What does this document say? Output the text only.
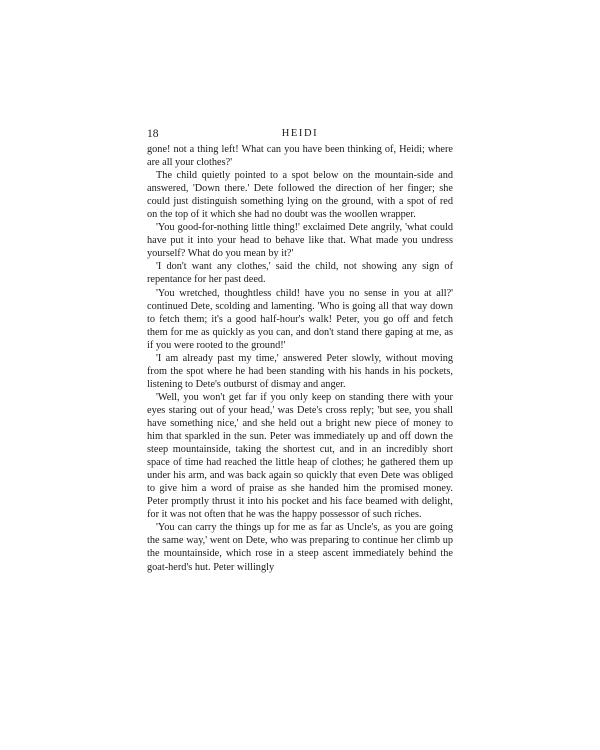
18	HEIDI

gone! not a thing left! What can you have been thinking of, Heidi; where are all your clothes?'

The child quietly pointed to a spot below on the mountain-side and answered, 'Down there.' Dete followed the direction of her finger; she could just distinguish something lying on the ground, with a spot of red on the top of it which she had no doubt was the woollen wrapper.

'You good-for-nothing little thing!' exclaimed Dete angrily, 'what could have put it into your head to behave like that. What made you undress yourself? What do you mean by it?'

'I don't want any clothes,' said the child, not showing any sign of repentance for her past deed.

'You wretched, thoughtless child! have you no sense in you at all?' continued Dete, scolding and lamenting. 'Who is going all that way down to fetch them; it's a good half-hour's walk! Peter, you go off and fetch them for me as quickly as you can, and don't stand there gaping at me, as if you were rooted to the ground!'

'I am already past my time,' answered Peter slowly, without moving from the spot where he had been standing with his hands in his pockets, listening to Dete's outburst of dismay and anger.

'Well, you won't get far if you only keep on standing there with your eyes staring out of your head,' was Dete's cross reply; 'but see, you shall have something nice,' and she held out a bright new piece of money to him that sparkled in the sun. Peter was immediately up and off down the steep mountainside, taking the shortest cut, and in an incredibly short space of time had reached the little heap of clothes; he gathered them up under his arm, and was back again so quickly that even Dete was obliged to give him a word of praise as she handed him the promised money. Peter promptly thrust it into his pocket and his face beamed with delight, for it was not often that he was the happy possessor of such riches.

'You can carry the things up for me as far as Uncle's, as you are going the same way,' went on Dete, who was preparing to continue her climb up the mountainside, which rose in a steep ascent immediately behind the goat-herd's hut. Peter willingly
